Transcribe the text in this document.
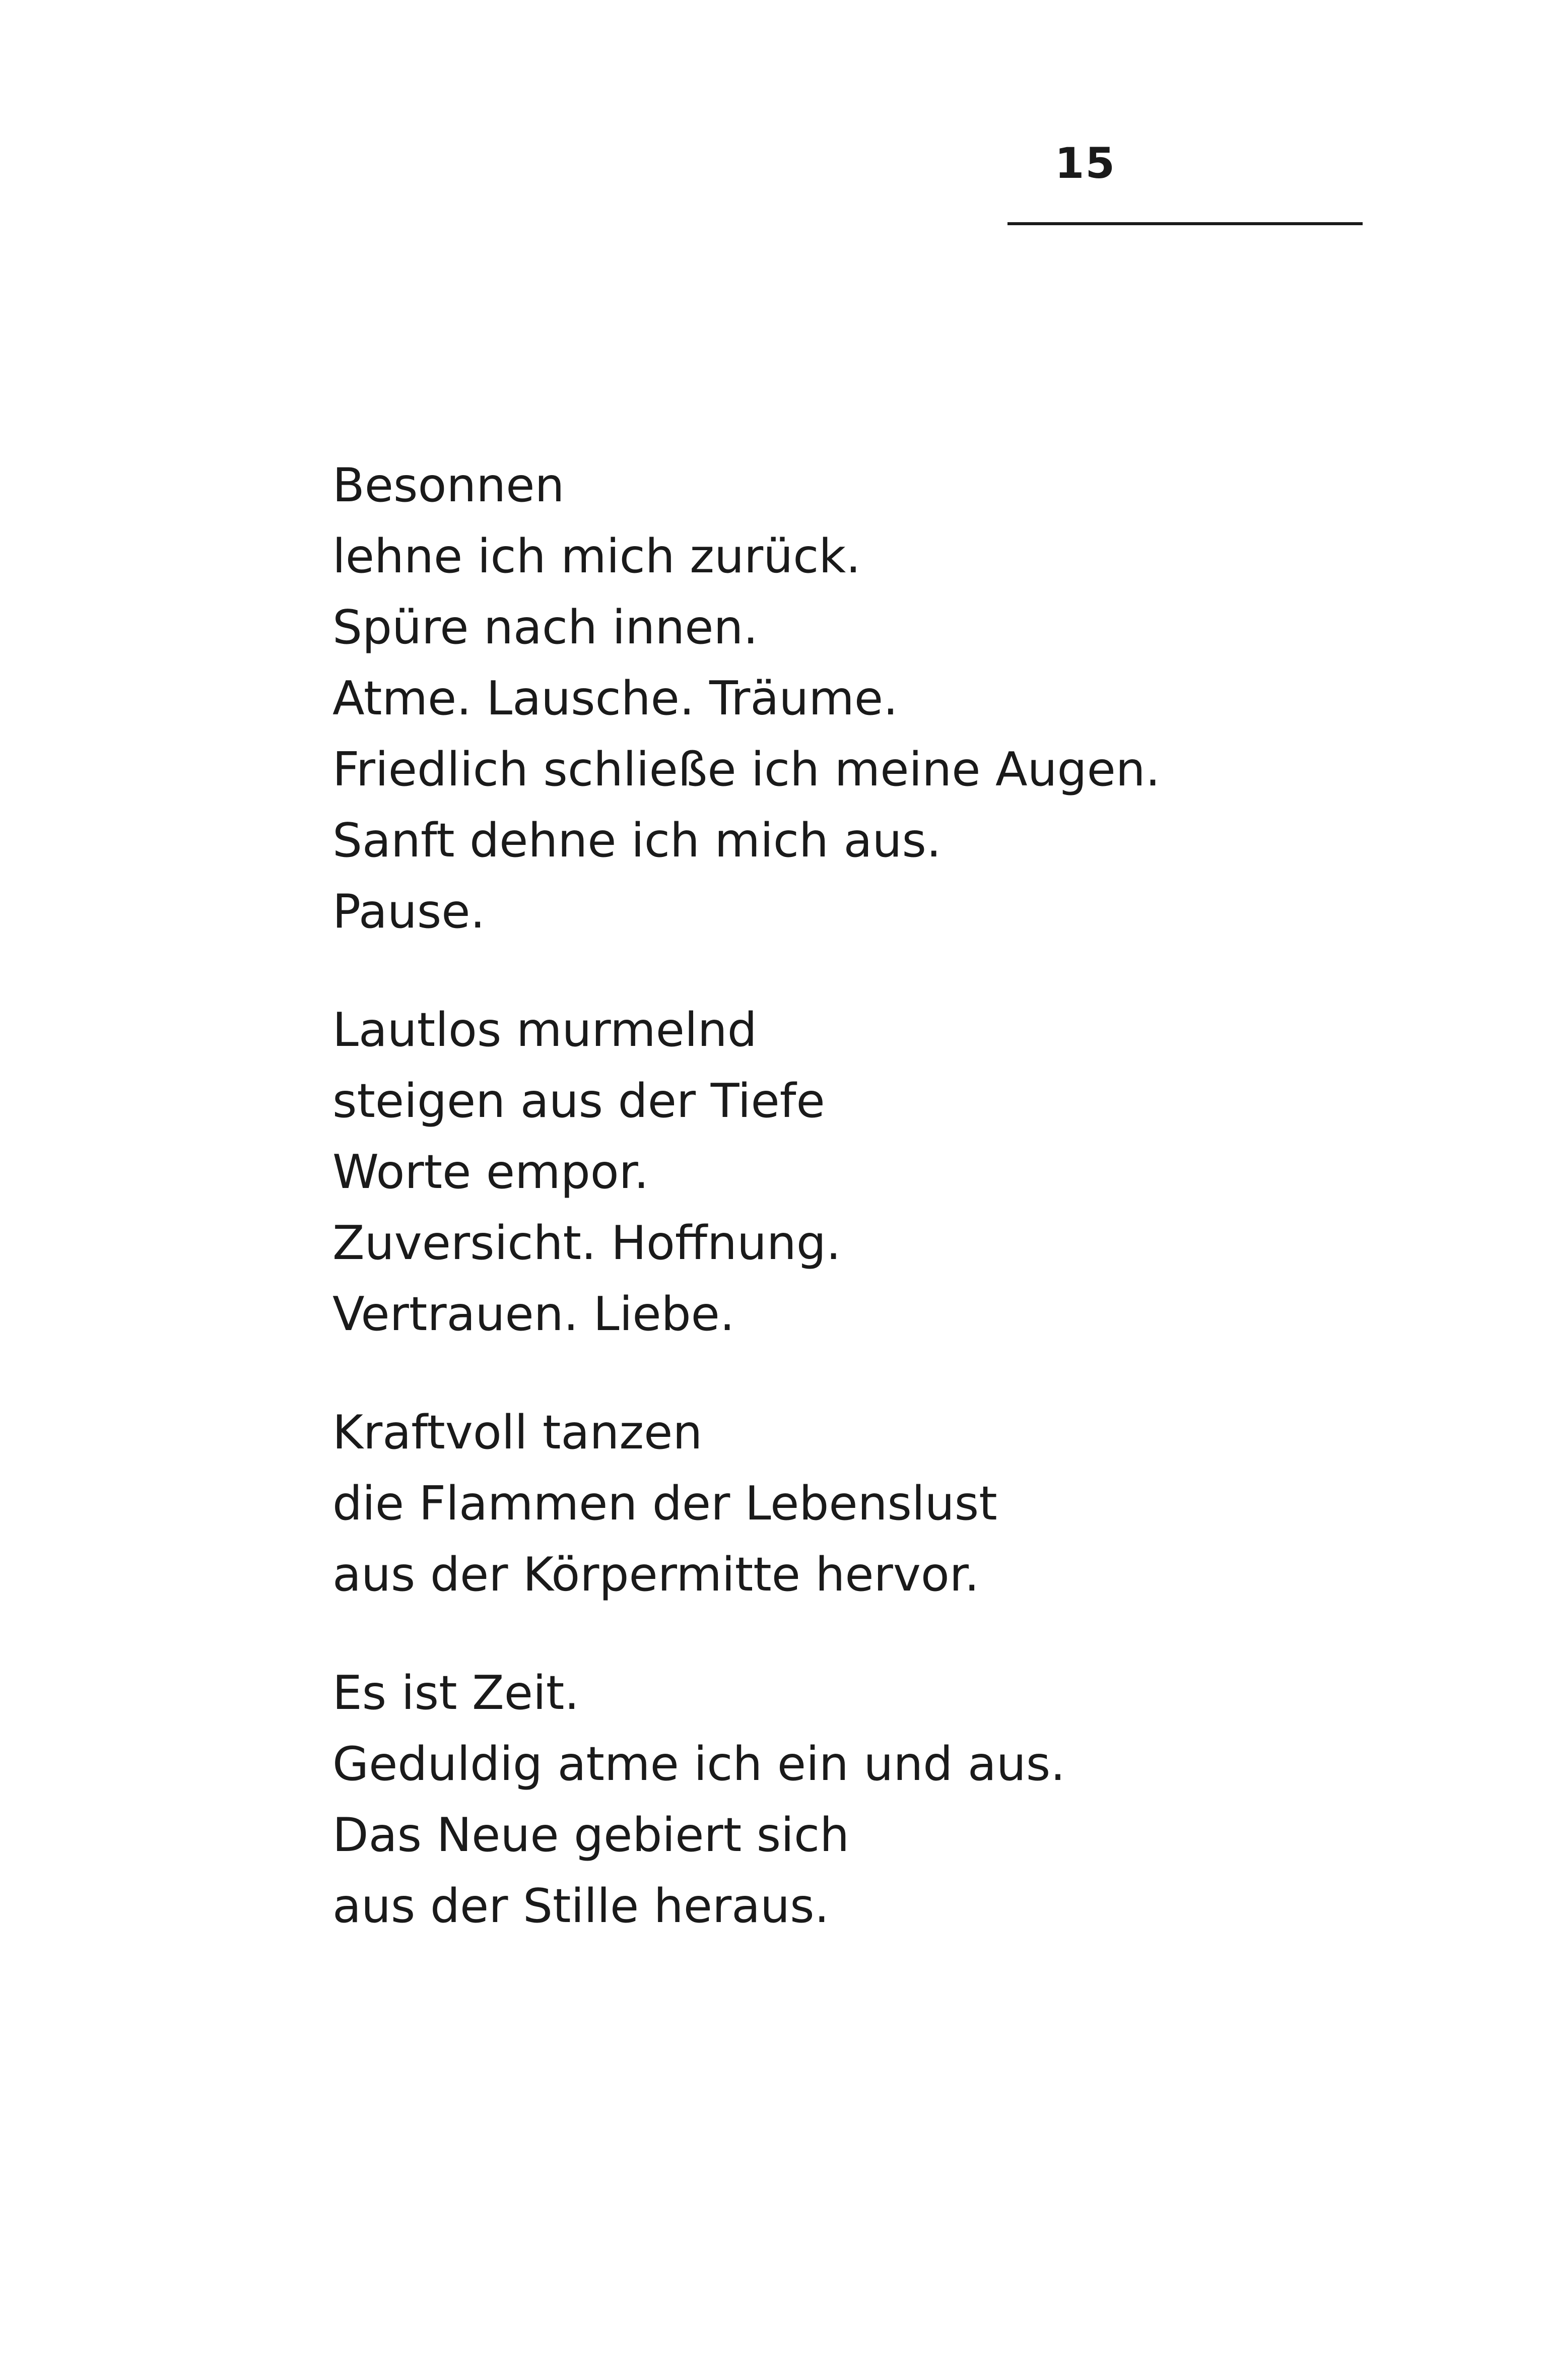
15
Besonnen
lehne ich mich zurück.
Spüre nach innen.
Atme. Lausche. Träume.
Friedlich schließe ich meine Augen.
Sanft dehne ich mich aus.
Pause.
Lautlos murmelnd
steigen aus der Tiefe
Worte empor.
Zuversicht. Hoffnung.
Vertrauen. Liebe.
Kraftvoll tanzen
die Flammen der Lebenslust
aus der Körpermitte hervor.
Es ist Zeit.
Geduldig atme ich ein und aus.
Das Neue gebiert sich
aus der Stille heraus.
